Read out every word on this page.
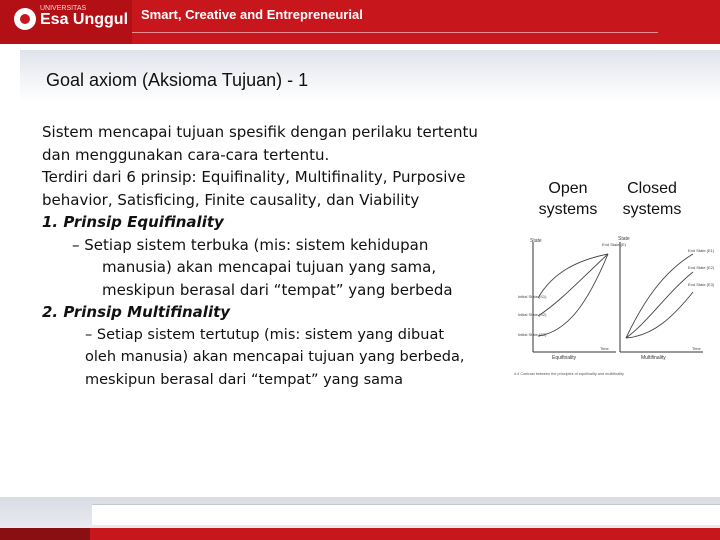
UNIVERSITAS
Esa Unggul Smart, Creative and Entrepreneurial
Goal axiom (Aksioma Tujuan) - 1

Sistem mencapai tujuan spesifik dengan perilaku tertentu dan menggunakan cara-cara tertentu.

Terdiri dari 6 prinsip: Equifinality, Multifinality, Purposive behavior, Satisficing, Finite causality, dan Viability

1. Prinsip Equifinality

– Setiap sistem terbuka (mis: sistem kehidupan

manusia) akan mencapai tujuan yang sama, meskipun berasal dari “tempat” yang berbeda

2. Prinsip Multifinality

– Setiap sistem tertutup (mis: sistem yang dibuat

oleh manusia) akan mencapai tujuan yang berbeda, meskipun berasal dari “tempat” yang sama

Open systems
Closed systems
State	State
End State (E)
End State (E1)
End State (E2)
End State (E3)
Initial State (S1)
Initial State (S2)
Initial State (S3)
Time	Time
Equifinality	Multifinality
4.4 Contrast between the principles of equifinality and multifinality
